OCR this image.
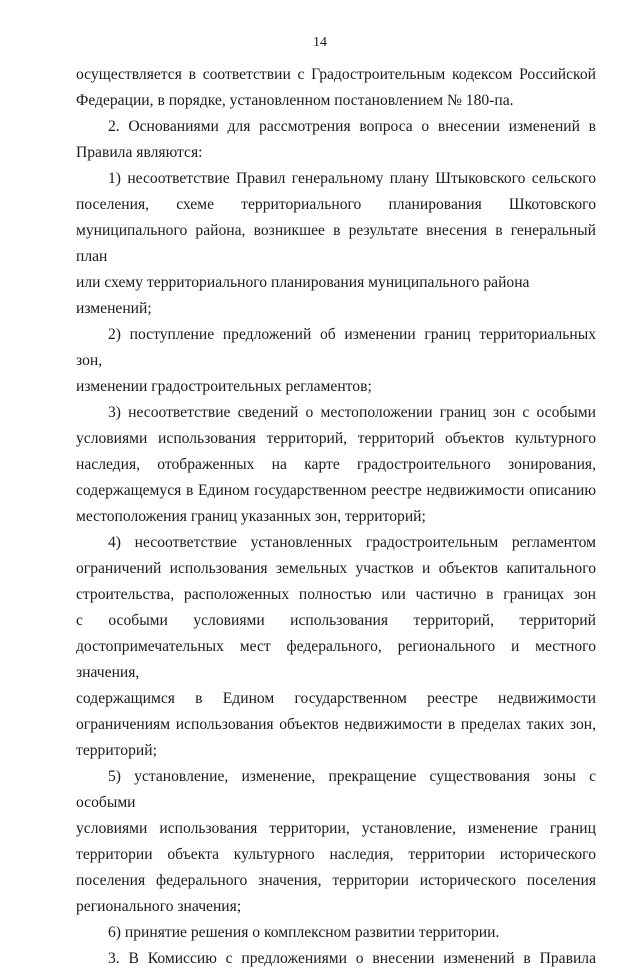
14
осуществляется в соответствии с Градостроительным кодексом Российской
Федерации, в порядке, установленном постановлением № 180-па.
2. Основаниями для рассмотрения вопроса о внесении изменений в
Правила являются:
1) несоответствие Правил генеральному плану Штыковского сельского
поселения, схеме территориального планирования Шкотовского
муниципального района, возникшее в результате внесения в генеральный план
или схему территориального планирования муниципального района изменений;
2) поступление предложений об изменении границ территориальных зон,
изменении градостроительных регламентов;
3) несоответствие сведений о местоположении границ зон с особыми
условиями использования территорий, территорий объектов культурного
наследия, отображенных на карте градостроительного зонирования,
содержащемуся в Едином государственном реестре недвижимости описанию
местоположения границ указанных зон, территорий;
4) несоответствие установленных градостроительным регламентом
ограничений использования земельных участков и объектов капитального
строительства, расположенных полностью или частично в границах зон
с особыми условиями использования территорий, территорий
достопримечательных мест федерального, регионального и местного значения,
содержащимся в Едином государственном реестре недвижимости
ограничениям использования объектов недвижимости в пределах таких зон,
территорий;
5) установление, изменение, прекращение существования зоны с особыми
условиями использования территории, установление, изменение границ
территории объекта культурного наследия, территории исторического
поселения федерального значения, территории исторического поселения
регионального значения;
6) принятие решения о комплексном развитии территории.
3. В Комиссию с предложениями о внесении изменений в Правила
